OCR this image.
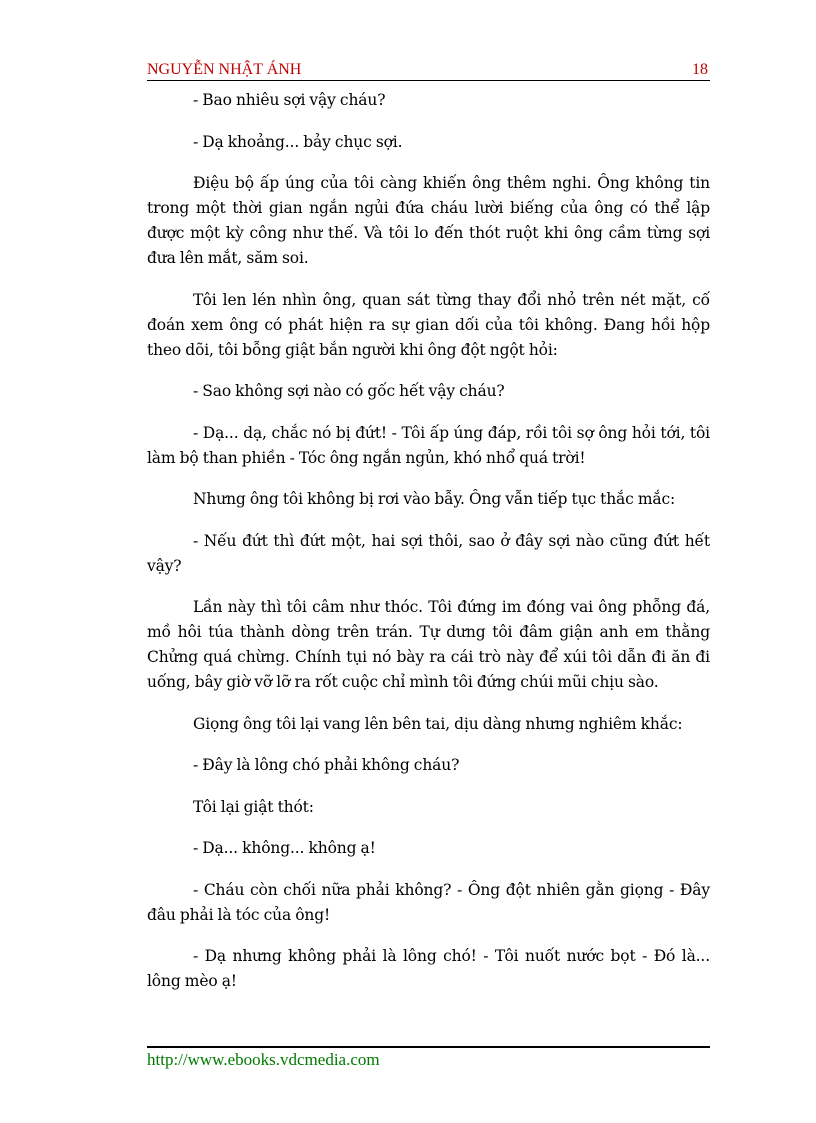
NGUYỄN NHẬT ÁNH	18

- Bao nhiêu sợi vậy cháu?

- Dạ khoảng... bảy chục sợi.

Điệu bộ ấp úng của tôi càng khiến ông thêm nghi. Ông không tin trong một thời gian ngắn ngủi đứa cháu lười biếng của ông có thể lập được một kỳ công như thế. Và tôi lo đến thót ruột khi ông cầm từng sợi đưa lên mắt, săm soi.

Tôi len lén nhìn ông, quan sát từng thay đổi nhỏ trên nét mặt, cố đoán xem ông có phát hiện ra sự gian dối của tôi không. Đang hồi hộp theo dõi, tôi bỗng giật bắn người khi ông đột ngột hỏi:

- Sao không sợi nào có gốc hết vậy cháu?

- Dạ... dạ, chắc nó bị đứt! - Tôi ấp úng đáp, rồi tôi sợ ông hỏi tới, tôi làm bộ than phiền - Tóc ông ngắn ngủn, khó nhổ quá trời!

Nhưng ông tôi không bị rơi vào bẫy. Ông vẫn tiếp tục thắc mắc:

- Nếu đứt thì đứt một, hai sợi thôi, sao ở đây sợi nào cũng đứt hết vậy?

Lần này thì tôi câm như thóc. Tôi đứng im đóng vai ông phỗng đá, mồ hôi túa thành dòng trên trán. Tự dưng tôi đâm giận anh em thằng Chửng quá chừng. Chính tụi nó bày ra cái trò này để xúi tôi dẫn đi ăn đi uống, bây giờ vỡ lỡ ra rốt cuộc chỉ mình tôi đứng chúi mũi chịu sào.

Giọng ông tôi lại vang lên bên tai, dịu dàng nhưng nghiêm khắc:

- Đây là lông chó phải không cháu?

Tôi lại giật thót:

- Dạ... không... không ạ!

- Cháu còn chối nữa phải không? - Ông đột nhiên gằn giọng - Đây đâu phải là tóc của ông!

- Dạ nhưng không phải là lông chó! - Tôi nuốt nước bọt - Đó là... lông mèo ạ!

http://www.ebooks.vdcmedia.com
